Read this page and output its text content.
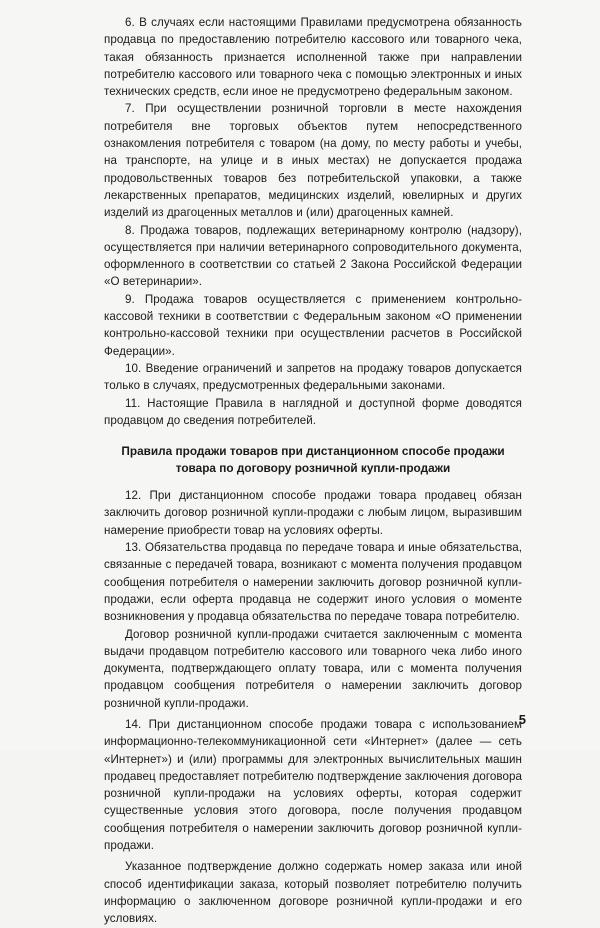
6. В случаях если настоящими Правилами предусмотрена обязанность продавца по предоставлению потребителю кассового или товарного чека, такая обязанность признается исполненной также при направлении потребителю кассового или товарного чека с помощью электронных и иных технических средств, если иное не предусмотрено федеральным законом.

7. При осуществлении розничной торговли в месте нахождения потребителя вне торговых объектов путем непосредственного ознакомления потребителя с товаром (на дому, по месту работы и учебы, на транспорте, на улице и в иных местах) не допускается продажа продовольственных товаров без потребительской упаковки, а также лекарственных препаратов, медицинских изделий, ювелирных и других изделий из драгоценных металлов и (или) драгоценных камней.

8. Продажа товаров, подлежащих ветеринарному контролю (надзору), осуществляется при наличии ветеринарного сопроводительного документа, оформленного в соответствии со статьей 2 Закона Российской Федерации «О ветеринарии».

9. Продажа товаров осуществляется с применением контрольно-кассовой техники в соответствии с Федеральным законом «О применении контрольно-кассовой техники при осуществлении расчетов в Российской Федерации».

10. Введение ограничений и запретов на продажу товаров допускается только в случаях, предусмотренных федеральными законами.

11. Настоящие Правила в наглядной и доступной форме доводятся продавцом до сведения потребителей.

Правила продажи товаров при дистанционном способе продажи товара по договору розничной купли-продажи

12. При дистанционном способе продажи товара продавец обязан заключить договор розничной купли-продажи с любым лицом, выразившим намерение приобрести товар на условиях оферты.

13. Обязательства продавца по передаче товара и иные обязательства, связанные с передачей товара, возникают с момента получения продавцом сообщения потребителя о намерении заключить договор розничной купли-продажи, если оферта продавца не содержит иного условия о моменте возникновения у продавца обязательства по передаче товара потребителю.

Договор розничной купли-продажи считается заключенным с момента выдачи продавцом потребителю кассового или товарного чека либо иного документа, подтверждающего оплату товара, или с момента получения продавцом сообщения потребителя о намерении заключить договор розничной купли-продажи.

14. При дистанционном способе продажи товара с использованием информационно-телекоммуникационной сети «Интернет» (далее — сеть «Интернет») и (или) программы для электронных вычислительных машин продавец предоставляет потребителю подтверждение заключения договора розничной купли-продажи на условиях оферты, которая содержит существенные условия этого договора, после получения продавцом сообщения потребителя о намерении заключить договор розничной купли-продажи.

Указанное подтверждение должно содержать номер заказа или иной способ идентификации заказа, который позволяет потребителю получить информацию о заключенном договоре розничной купли-продажи и его условиях.

5
